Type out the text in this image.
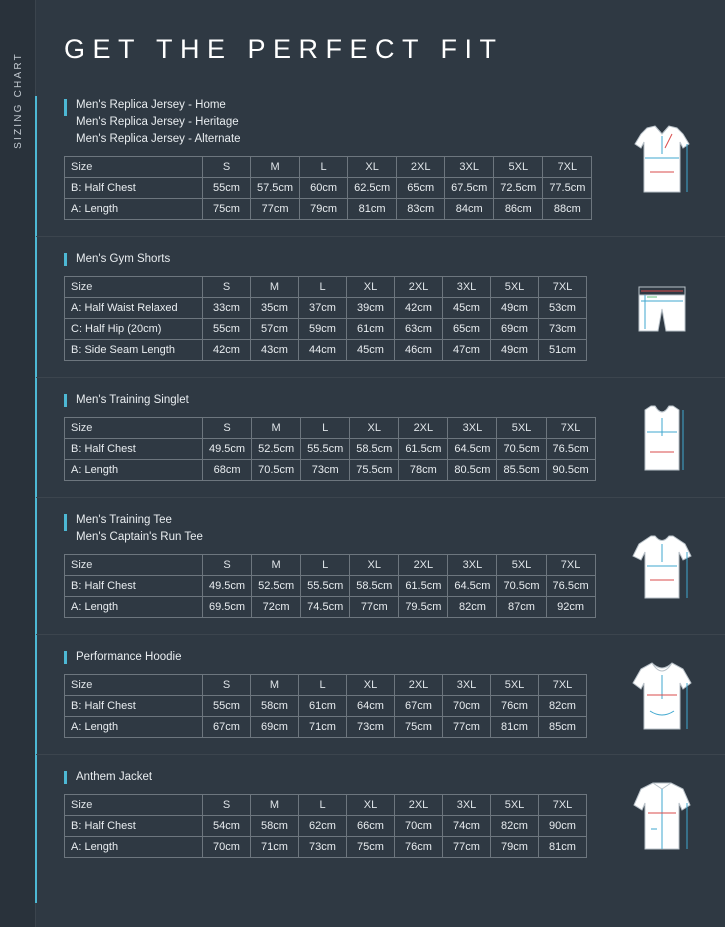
SIZING CHART
GET THE PERFECT FIT
Men's Replica Jersey - Home
Men's Replica Jersey - Heritage
Men's Replica Jersey - Alternate
Size	S	M	L	XL	2XL	3XL	5XL	7XL
B: Half Chest	55cm	57.5cm	60cm	62.5cm	65cm	67.5cm	72.5cm	77.5cm
A: Length	75cm	77cm	79cm	81cm	83cm	84cm	86cm	88cm
Men's Gym Shorts
Size	S	M	L	XL	2XL	3XL	5XL	7XL
A: Half Waist Relaxed	33cm	35cm	37cm	39cm	42cm	45cm	49cm	53cm
C: Half Hip (20cm)	55cm	57cm	59cm	61cm	63cm	65cm	69cm	73cm
B: Side Seam Length	42cm	43cm	44cm	45cm	46cm	47cm	49cm	51cm
Men's Training Singlet
Size	S	M	L	XL	2XL	3XL	5XL	7XL
B: Half Chest	49.5cm	52.5cm	55.5cm	58.5cm	61.5cm	64.5cm	70.5cm	76.5cm
A: Length	68cm	70.5cm	73cm	75.5cm	78cm	80.5cm	85.5cm	90.5cm
Men's Training Tee
Men's Captain's Run Tee
Size	S	M	L	XL	2XL	3XL	5XL	7XL
B: Half Chest	49.5cm	52.5cm	55.5cm	58.5cm	61.5cm	64.5cm	70.5cm	76.5cm
A: Length	69.5cm	72cm	74.5cm	77cm	79.5cm	82cm	87cm	92cm
Performance Hoodie
Size	S	M	L	XL	2XL	3XL	5XL	7XL
B: Half Chest	55cm	58cm	61cm	64cm	67cm	70cm	76cm	82cm
A: Length	67cm	69cm	71cm	73cm	75cm	77cm	81cm	85cm
Anthem Jacket
Size	S	M	L	XL	2XL	3XL	5XL	7XL
B: Half Chest	54cm	58cm	62cm	66cm	70cm	74cm	82cm	90cm
A: Length	70cm	71cm	73cm	75cm	76cm	77cm	79cm	81cm
